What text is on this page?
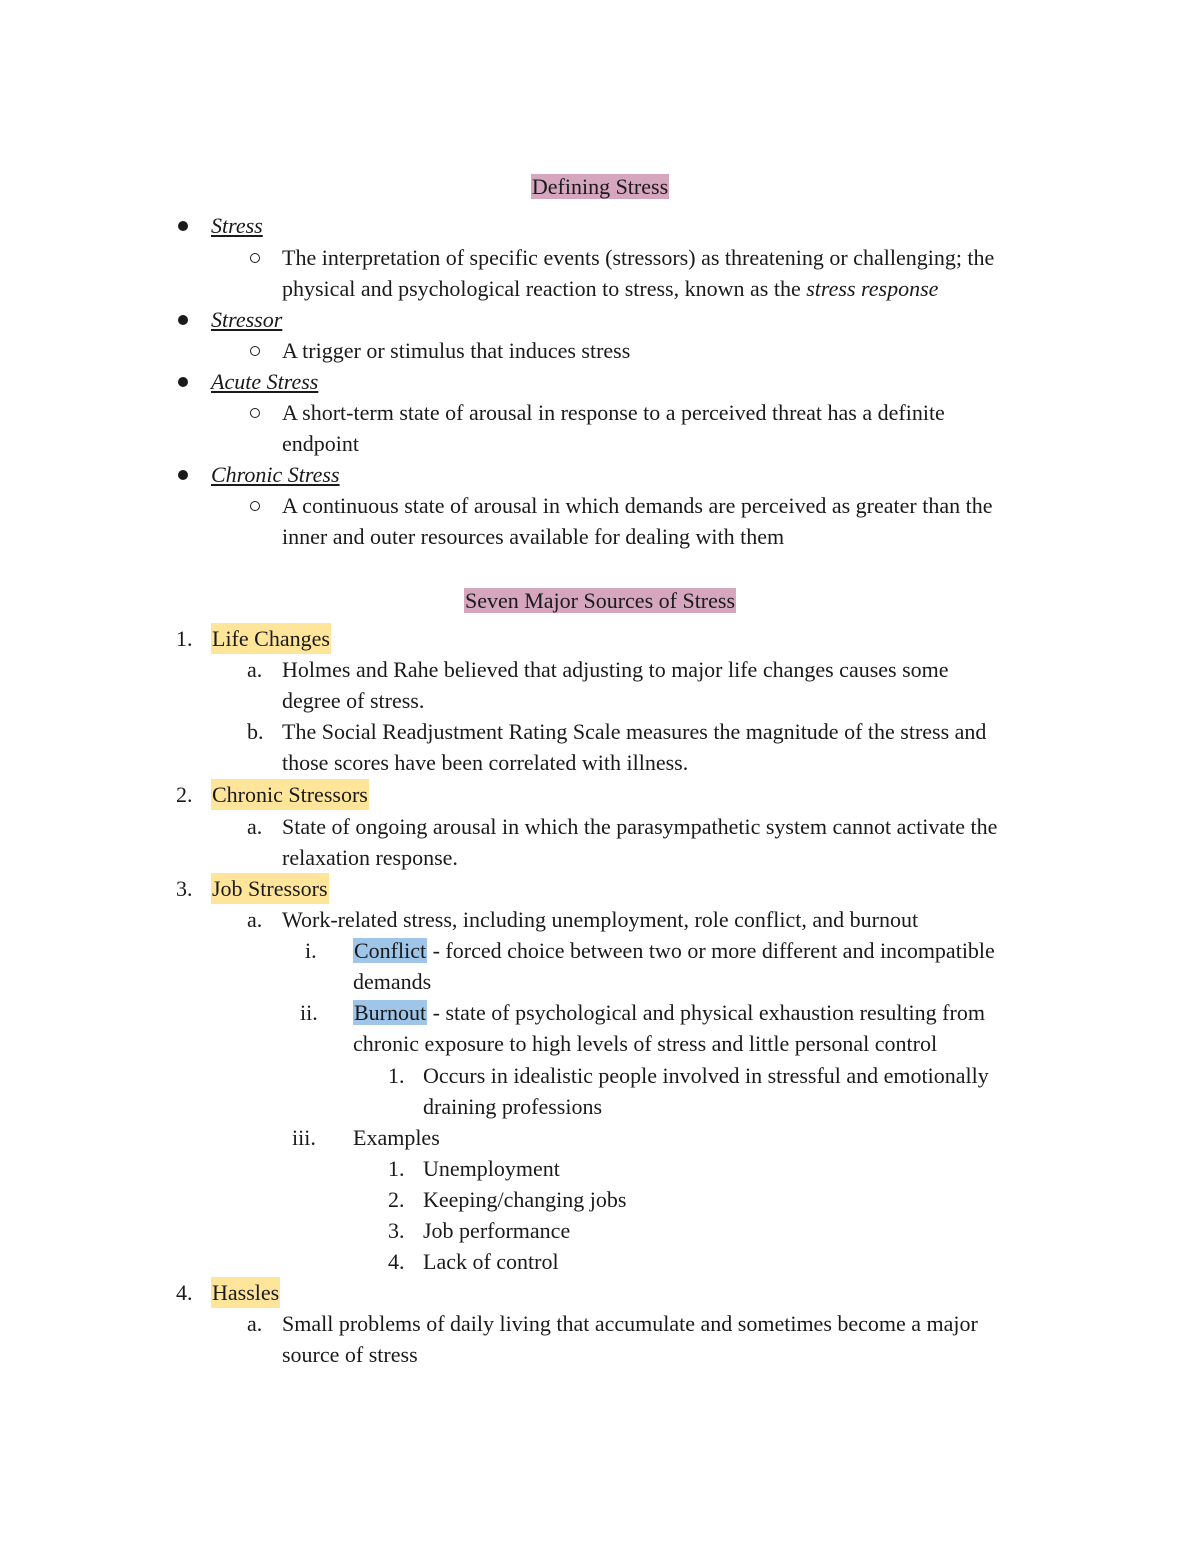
Defining Stress
Stress
The interpretation of specific events (stressors) as threatening or challenging; the
physical and psychological reaction to stress, known as the stress response
Stressor
A trigger or stimulus that induces stress
Acute Stress
A short-term state of arousal in response to a perceived threat has a definite
endpoint
Chronic Stress
A continuous state of arousal in which demands are perceived as greater than the
inner and outer resources available for dealing with them
Seven Major Sources of Stress
1. Life Changes
a. Holmes and Rahe believed that adjusting to major life changes causes some
degree of stress.
b. The Social Readjustment Rating Scale measures the magnitude of the stress and
those scores have been correlated with illness.
2. Chronic Stressors
a. State of ongoing arousal in which the parasympathetic system cannot activate the
relaxation response.
3. Job Stressors
a. Work-related stress, including unemployment, role conflict, and burnout
i. Conflict - forced choice between two or more different and incompatible
demands
ii. Burnout - state of psychological and physical exhaustion resulting from
chronic exposure to high levels of stress and little personal control
1. Occurs in idealistic people involved in stressful and emotionally
draining professions
iii. Examples
1. Unemployment
2. Keeping/changing jobs
3. Job performance
4. Lack of control
4. Hassles
a. Small problems of daily living that accumulate and sometimes become a major
source of stress
